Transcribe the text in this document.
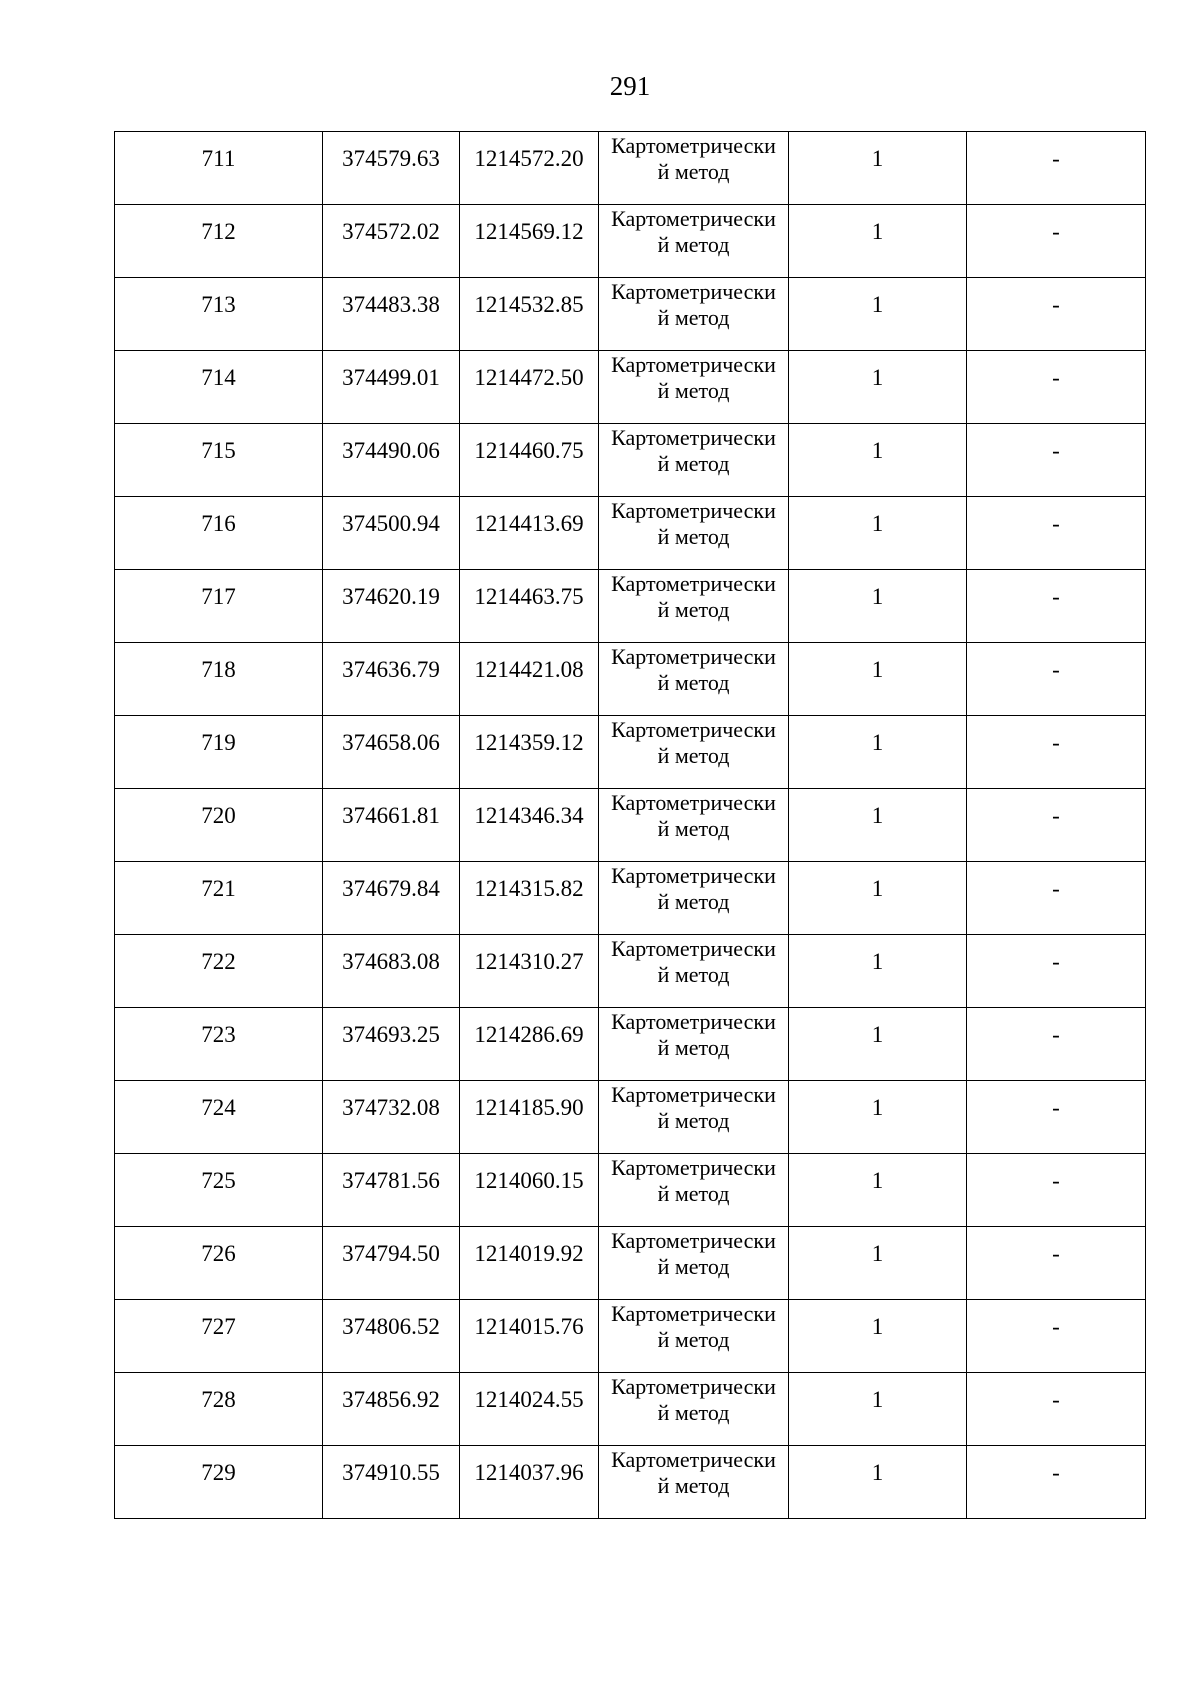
291
711	374579.63	1214572.20	Картометрически
й метод	1	-

712	374572.02	1214569.12	Картометрически
й метод	1	-

713	374483.38	1214532.85	Картометрически
й метод	1	-

714	374499.01	1214472.50	Картометрически
й метод	1	-

715	374490.06	1214460.75	Картометрически
й метод	1	-

716	374500.94	1214413.69	Картометрически
й метод	1	-

717	374620.19	1214463.75	Картометрически
й метод	1	-

718	374636.79	1214421.08	Картометрически
й метод	1	-

719	374658.06	1214359.12	Картометрически
й метод	1	-

720	374661.81	1214346.34	Картометрически
й метод	1	-

721	374679.84	1214315.82	Картометрически
й метод	1	-

722	374683.08	1214310.27	Картометрически
й метод	1	-

723	374693.25	1214286.69	Картометрически
й метод	1	-

724	374732.08	1214185.90	Картометрически
й метод	1	-

725	374781.56	1214060.15	Картометрически
й метод	1	-

726	374794.50	1214019.92	Картометрически
й метод	1	-

727	374806.52	1214015.76	Картометрически
й метод	1	-

728	374856.92	1214024.55	Картометрически
й метод	1	-

729	374910.55	1214037.96	Картометрически
й метод	1	-
